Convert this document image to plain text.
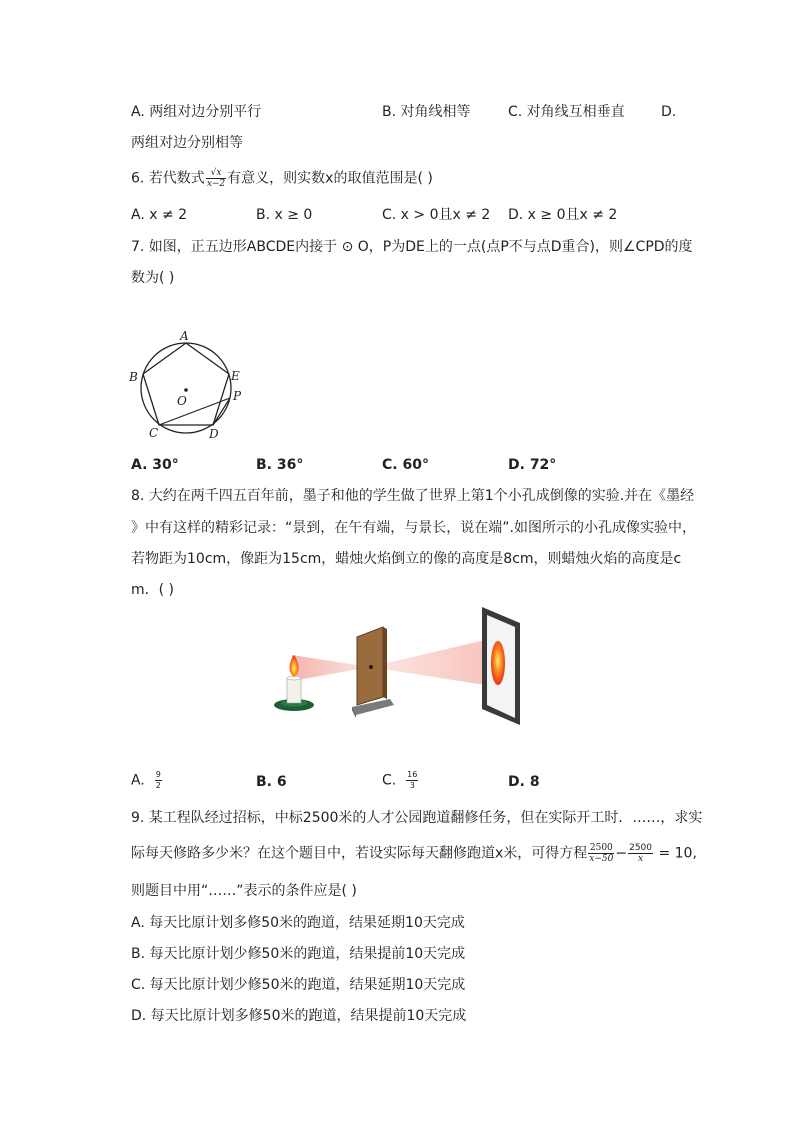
A. 两组对边分别平行	B. 对角线相等	C. 对角线互相垂直	D.
两组对边分别相等
6. 若代数式 $\frac{√x}{x-2}$ 有意义，则实数x的取值范围是( )
A. x ≠ 2	B. x ≥ 0	C. x > 0且x ≠ 2 D. x ≥ 0且x ≠ 2
7. 如图，正五边形ABCDE内接于 ⊙ O，P为DE上的一点(点P不与点D重合)，则∠CPD的度
数为( )
A
B	E
P
O
C	D
A. 30°	B. 36°	C. 60°	D. 72°
8. 大约在两千四五百年前，墨子和他的学生做了世界上第1个小孔成倒像的实验.并在《墨经
》中有这样的精彩记录：“景到，在午有端，与景长，说在端”.如图所示的小孔成像实验中，
若物距为10cm，像距为15cm，蜡烛火焰倒立的像的高度是8cm，则蜡烛火焰的高度是c
m．( )
A. $\frac{9}{2}$	B. 6	C. $\frac{16}{3}$	D. 8
9. 某工程队经过招标，中标2500米的人才公园跑道翻修任务，但在实际开工时．……，求实
际每天修路多少米？在这个题目中，若设实际每天翻修跑道x米，可得方程 $\frac{2500}{x-50} - \frac{2500}{x} = 10$,
则题目中用“……”表示的条件应是( )
A. 每天比原计划多修50米的跑道，结果延期10天完成
B. 每天比原计划少修50米的跑道，结果提前10天完成
C. 每天比原计划少修50米的跑道，结果延期10天完成
D. 每天比原计划多修50米的跑道，结果提前10天完成
